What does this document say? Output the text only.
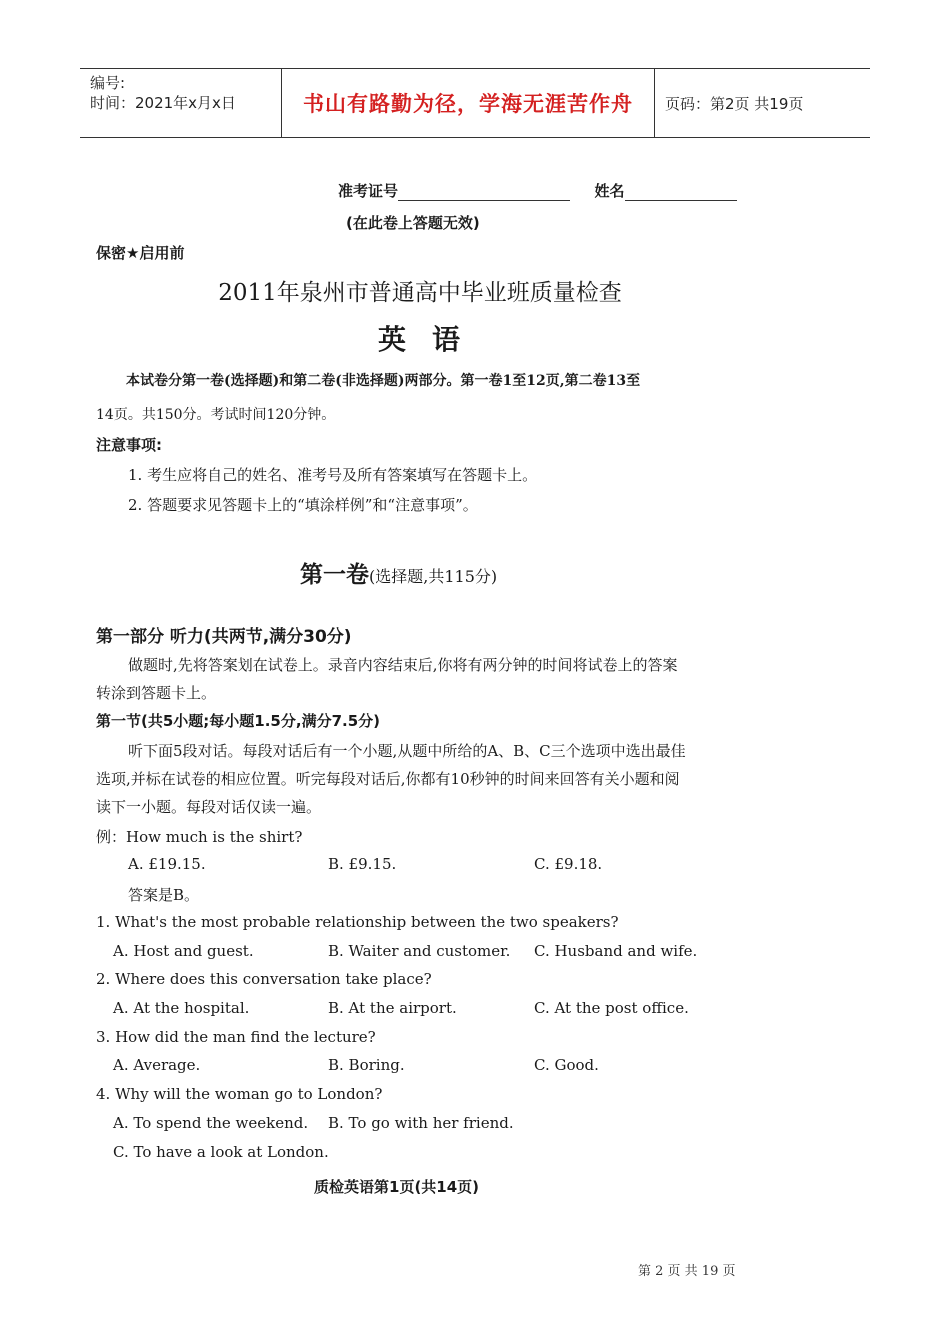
编号:
时间：2021年x月x日	书山有路勤为径，学海无涯苦作舟	页码：第2页 共19页
准考证号	姓名
(在此卷上答题无效)
保密★启用前
2011年泉州市普通高中毕业班质量检查
英语
本试卷分第一卷(选择题)和第二卷(非选择题)两部分。第一卷1至12页,第二卷13至
14页。共150分。考试时间120分钟。
注意事项:
1. 考生应将自己的姓名、准考号及所有答案填写在答题卡上。
2. 答题要求见答题卡上的“填涂样例”和“注意事项”。
第一卷(选择题,共115分)
第一部分 听力(共两节,满分30分)
做题时,先将答案划在试卷上。录音内容结束后,你将有两分钟的时间将试卷上的答案
转涂到答题卡上。
第一节(共5小题;每小题1.5分,满分7.5分)
听下面5段对话。每段对话后有一个小题,从题中所给的A、B、C三个选项中选出最佳
选项,并标在试卷的相应位置。听完每段对话后,你都有10秒钟的时间来回答有关小题和阅
读下一小题。每段对话仅读一遍。
例：How much is the shirt?
A. £19.15.	B. £9.15.	C. £9.18.
答案是B。
1. What's the most probable relationship between the two speakers?
A. Host and guest.	B. Waiter and customer. C. Husband and wife.
2. Where does this conversation take place?
A. At the hospital.	B. At the airport.	C. At the post office.
3. How did the man find the lecture?
A. Average.	B. Boring.	C. Good.
4. Why will the woman go to London?
A. To spend the weekend. B. To go with her friend.
C. To have a look at London.
质检英语第1页(共14页)
第 2 页 共 19 页
